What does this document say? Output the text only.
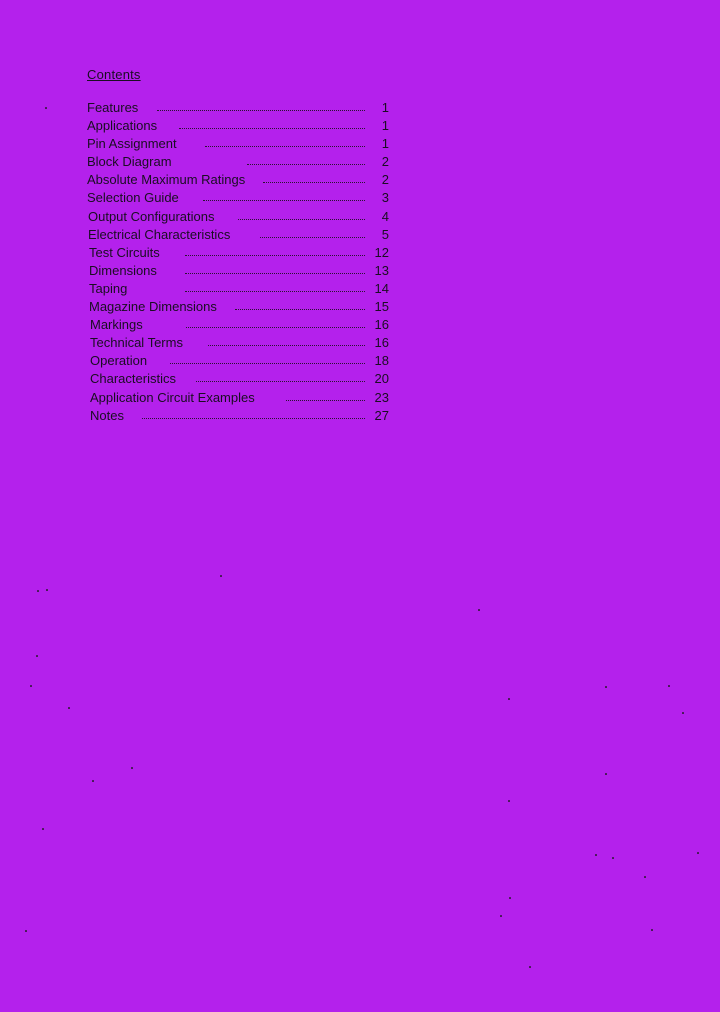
Contents
Features	1
Applications	1
Pin Assignment	1
Block Diagram	2
Absolute Maximum Ratings	2
Selection Guide	3
Output Configurations	4
Electrical Characteristics	5
Test Circuits	12
Dimensions	13
Taping	14
Magazine Dimensions	15
Markings	16
Technical Terms	16
Operation	18
Characteristics	20
Application Circuit Examples	23
Notes	27
